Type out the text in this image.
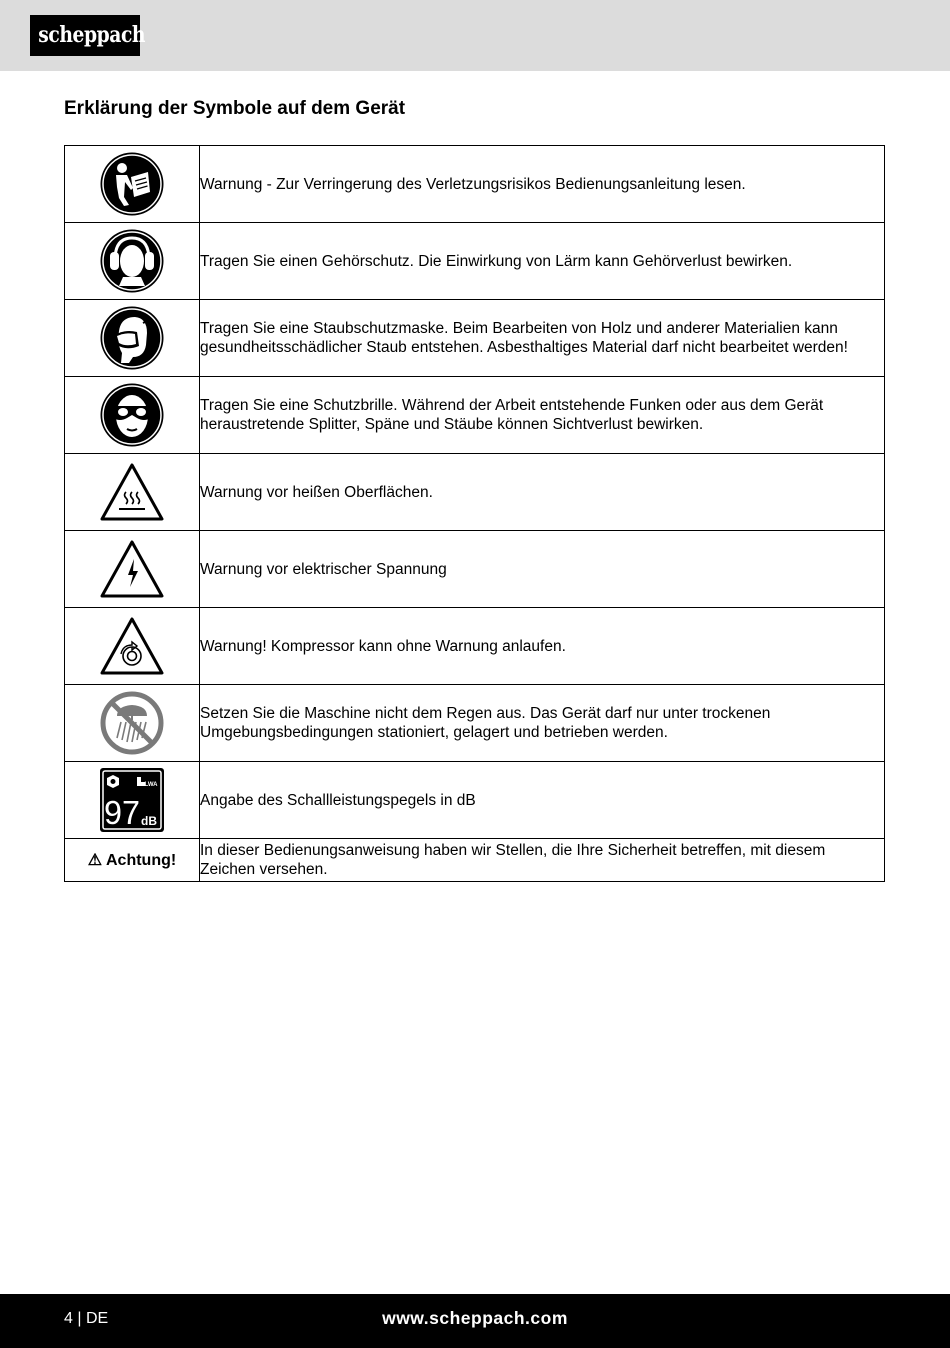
scheppach
Erklärung der Symbole auf dem Gerät
	Warnung - Zur Verringerung des Verletzungsrisikos Bedienungsanleitung lesen.

	Tragen Sie einen Gehörschutz. Die Einwirkung von Lärm kann Gehörverlust bewirken.

	Tragen Sie eine Staubschutzmaske. Beim Bearbeiten von Holz und anderer Materialien kann gesundheitsschädlicher Staub entstehen. Asbesthaltiges Material darf nicht bearbeitet werden!

	Tragen Sie eine Schutzbrille. Während der Arbeit entstehende Funken oder aus dem Gerät heraustretende Splitter, Späne und Stäube können Sichtverlust bewirken.

	Warnung vor heißen Oberflächen.

	Warnung vor elektrischer Spannung

	Warnung! Kompressor kann ohne Warnung anlaufen.

	Setzen Sie die Maschine nicht dem Regen aus. Das Gerät darf nur unter trockenen Umgebungsbedingungen stationiert, gelagert und betrieben werden.

LWA
97 dB	Angabe des Schallleistungspegels in dB
⚠ Achtung!	In dieser Bedienungsanweisung haben wir Stellen, die Ihre Sicherheit betreffen, mit diesem Zeichen versehen.
4 | DE	www.scheppach.com
